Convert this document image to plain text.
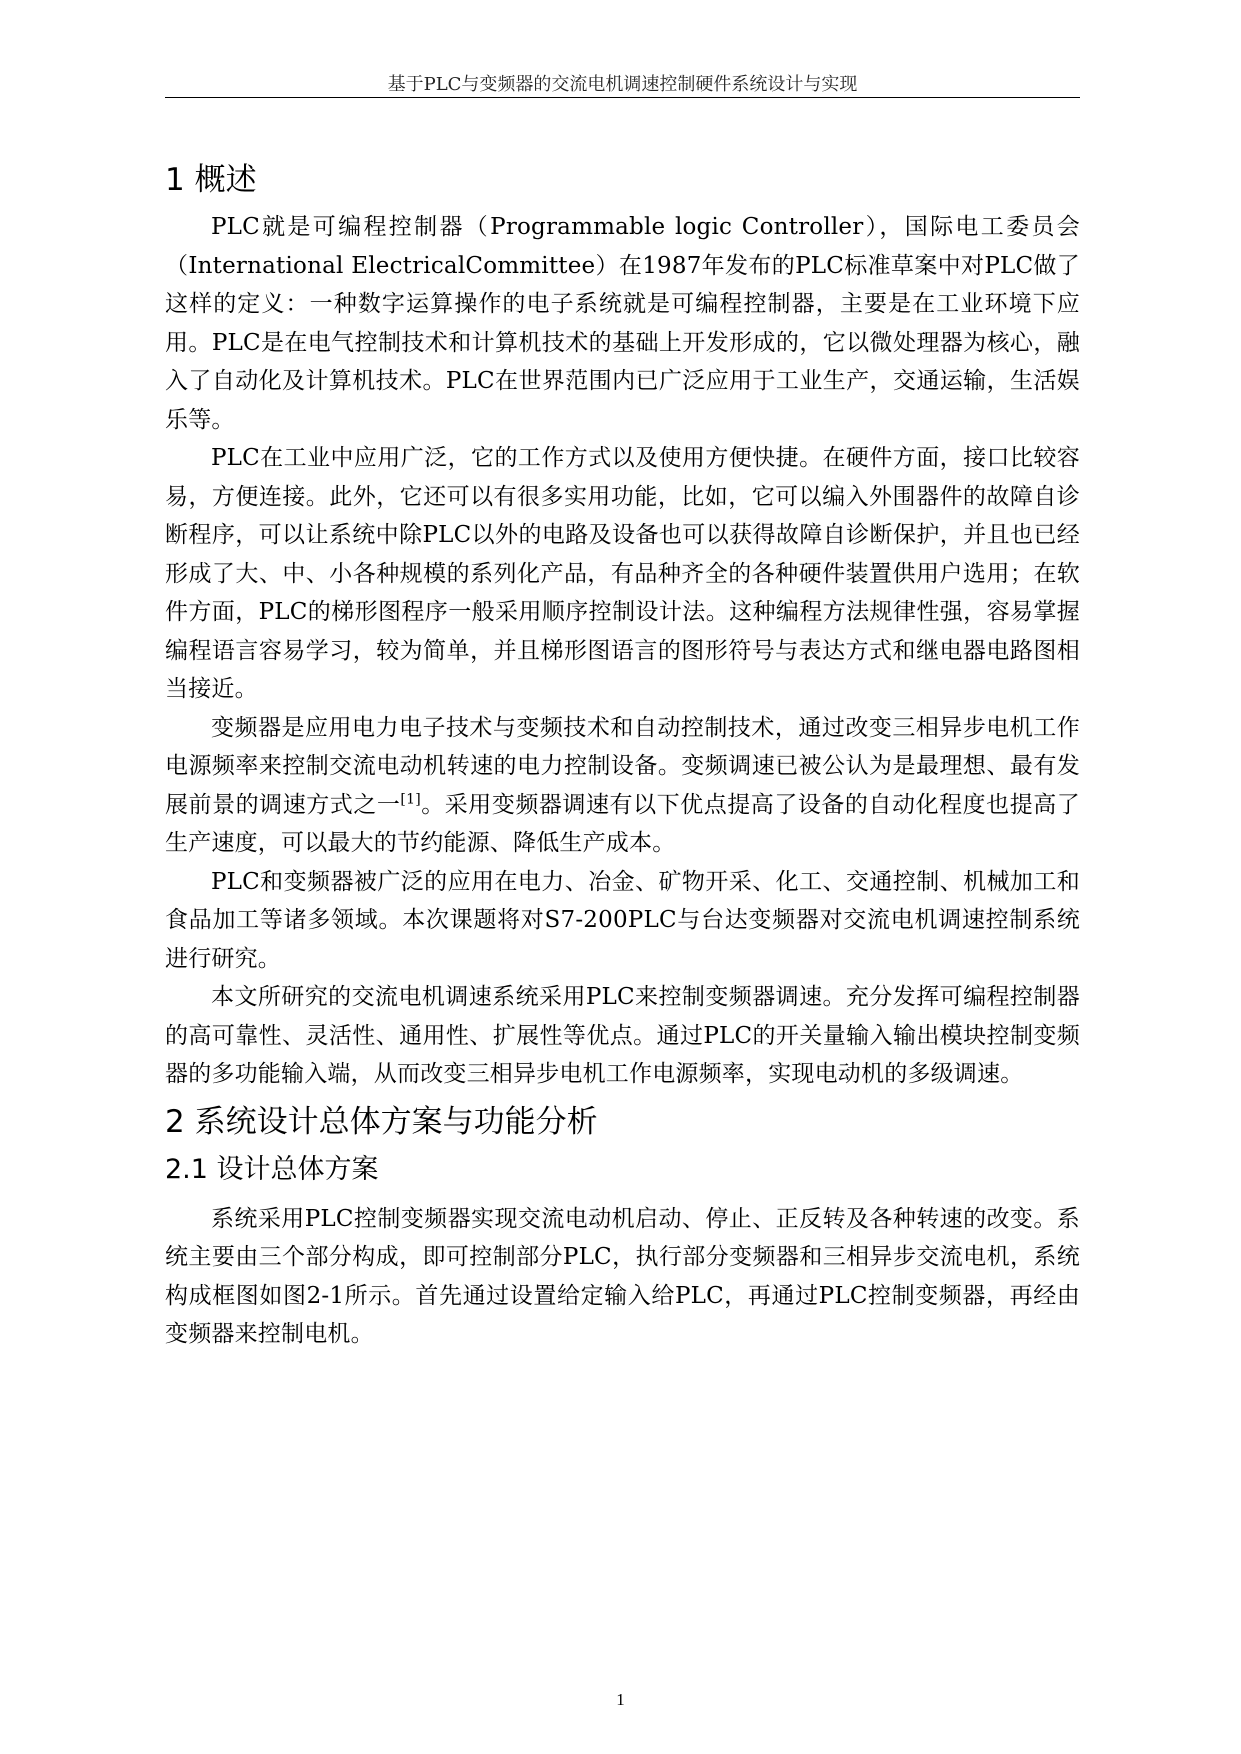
基于PLC与变频器的交流电机调速控制硬件系统设计与实现
1 概述

PLC就是可编程控制器（Programmable logic Controller），国际电工委员会（International ElectricalCommittee）在1987年发布的PLC标准草案中对PLC做了这样的定义：一种数字运算操作的电子系统就是可编程控制器，主要是在工业环境下应用。PLC是在电气控制技术和计算机技术的基础上开发形成的，它以微处理器为核心，融入了自动化及计算机技术。PLC在世界范围内已广泛应用于工业生产，交通运输，生活娱乐等。

PLC在工业中应用广泛，它的工作方式以及使用方便快捷。在硬件方面，接口比较容易，方便连接。此外，它还可以有很多实用功能，比如，它可以编入外围器件的故障自诊断程序，可以让系统中除PLC以外的电路及设备也可以获得故障自诊断保护，并且也已经形成了大、中、小各种规模的系列化产品，有品种齐全的各种硬件装置供用户选用；在软件方面，PLC的梯形图程序一般采用顺序控制设计法。这种编程方法规律性强，容易掌握编程语言容易学习，较为简单，并且梯形图语言的图形符号与表达方式和继电器电路图相当接近。

变频器是应用电力电子技术与变频技术和自动控制技术，通过改变三相异步电机工作电源频率来控制交流电动机转速的电力控制设备。变频调速已被公认为是最理想、最有发展前景的调速方式之一[1]。采用变频器调速有以下优点提高了设备的自动化程度也提高了生产速度，可以最大的节约能源、降低生产成本。

PLC和变频器被广泛的应用在电力、冶金、矿物开采、化工、交通控制、机械加工和食品加工等诸多领域。本次课题将对S7-200PLC与台达变频器对交流电机调速控制系统进行研究。

本文所研究的交流电机调速系统采用PLC来控制变频器调速。充分发挥可编程控制器的高可靠性、灵活性、通用性、扩展性等优点。通过PLC的开关量输入输出模块控制变频器的多功能输入端，从而改变三相异步电机工作电源频率，实现电动机的多级调速。

2 系统设计总体方案与功能分析
2.1 设计总体方案

系统采用PLC控制变频器实现交流电动机启动、停止、正反转及各种转速的改变。系统主要由三个部分构成，即可控制部分PLC，执行部分变频器和三相异步交流电机，系统构成框图如图2-1所示。首先通过设置给定输入给PLC，再通过PLC控制变频器，再经由变频器来控制电机。

1
